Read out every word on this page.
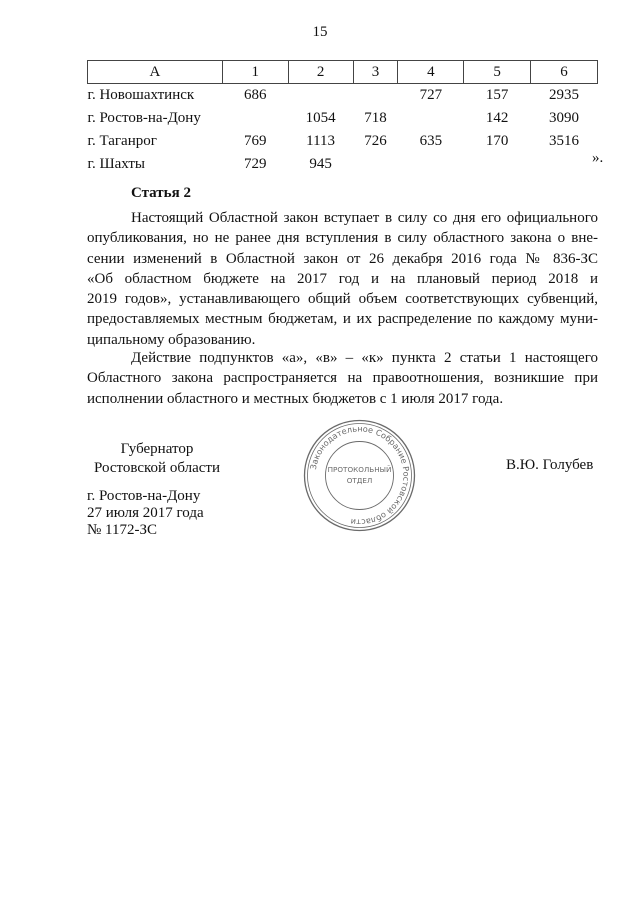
15
А	1	2	3	4	5	6
г. Новошахтинск	686			727	157	2935
г. Ростов-на-Дону		1054	718		142	3090
г. Таганрог	769	1113	726	635	170	3516
г. Шахты	729	945					».
Статья 2
Настоящий Областной закон вступает в силу со дня его официального
опубликования, но не ранее дня вступления в силу областного закона о вне-
сении изменений в Областной закон от 26 декабря 2016 года № 836-ЗС
«Об областном бюджете на 2017 год и на плановый период 2018 и
2019 годов», устанавливающего общий объем соответствующих субвенций,
предоставляемых местным бюджетам, и их распределение по каждому муни-
ципальному образованию.
Действие подпунктов «а», «в» – «к» пункта 2 статьи 1 настоящего
Областного закона распространяется на правоотношения, возникшие при
исполнении областного и местных бюджетов с 1 июля 2017 года.
Губернатор
Ростовской области	В.Ю. Голубев
г. Ростов-на-Дону
27 июля 2017 года
№ 1172-ЗС
Законодательное Собрание Ростовской области
ПРОТОКОЛЬНЫЙ
ОТДЕЛ
